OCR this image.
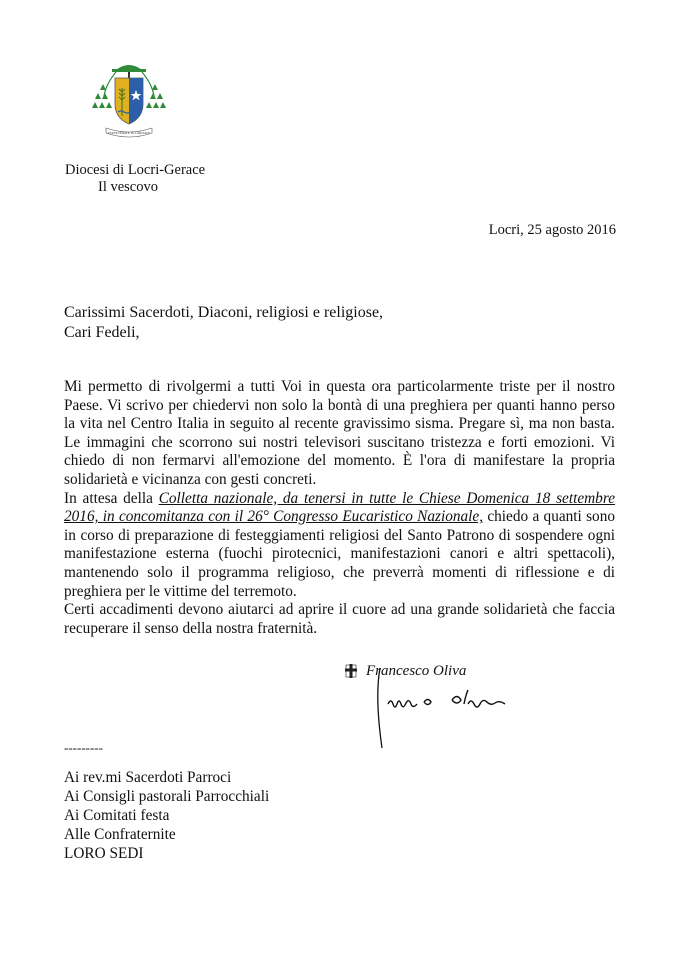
PERSEVERATE IN CARITATE
Diocesi di Locri-Gerace
Il vescovo
Locri, 25 agosto 2016
Carissimi Sacerdoti, Diaconi, religiosi e religiose,
Cari Fedeli,

Mi permetto di rivolgermi a tutti Voi in questa ora particolarmente triste per il nostro Paese. Vi scrivo per chiedervi non solo la bontà di una preghiera per quanti hanno perso la vita nel Centro Italia in seguito al recente gravissimo sisma. Pregare sì, ma non basta. Le immagini che scorrono sui nostri televisori suscitano tristezza e forti emozioni. Vi chiedo di non fermarvi all'emozione del momento. È l'ora di manifestare la propria solidarietà e vicinanza con gesti concreti.

In attesa della Colletta nazionale, da tenersi in tutte le Chiese Domenica 18 settembre 2016, in concomitanza con il 26° Congresso Eucaristico Nazionale, chiedo a quanti sono in corso di preparazione di festeggiamenti religiosi del Santo Patrono di sospendere ogni manifestazione esterna (fuochi pirotecnici, manifestazioni canori e altri spettacoli), mantenendo solo il programma religioso, che preverrà momenti di riflessione e di preghiera per le vittime del terremoto.

Certi accadimenti devono aiutarci ad aprire il cuore ad una grande solidarietà che faccia recuperare il senso della nostra fraternità.

Francesco Oliva
---------
Ai rev.mi Sacerdoti Parroci
Ai Consigli pastorali Parrocchiali
Ai Comitati festa
Alle Confraternite
LORO SEDI
